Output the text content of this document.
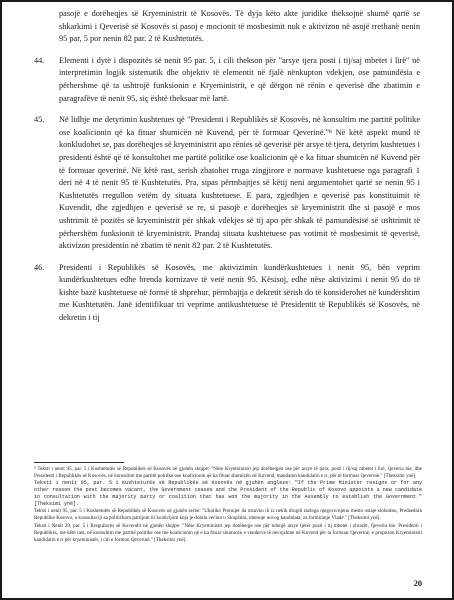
pasojë e dorëheqjes së Kryeministrit të Kosovës. Të dyja këto akte juridike theksojnë shumë qartë se shkarkimi i Qeverisë së Kosovës si pasoj e mocionit të mosbesimit nuk e aktivizon në asnjë rrethanë nenin 95 par, 5 por nenin 82 par. 2 të Kushtetutës.

44.	Elementi i dytë i dispozitës së nenit 95 par. 5, i cili thekson për "arsye tjera posti i tij/saj mbetet i lirë" në interpretimin logjik sistematik dhe objektiv të elementit në fjalë nënkupton vdekjen, ose pamundësia e përhershme që ta ushtrojë funksionin e Kryeministrit, e që dërgon në rënin e qeverisë dhe zbatimin e paragrafëve të nenit 95, siç është theksuar më lartë.

45.	Në lidhje me detyrimin kushtetues që "Presidenti i Republikës së Kosovës, në konsultim me partitë politike ose koalicionin që ka fituar shumicën në Kuvend, për të formuar Qeverinë."⁸ Në këtë aspekt mund të konkludohet se, pas dorëheqjes së kryeministrit apo rënies së qeverisë për arsye të tjera, detyrim kushtetues i presidenti është që të konsultohet me partitë politike ose koalicionin që e ka fituar shumicën në Kuvend për të formuar qeverinë. Në këtë rast, serish zbatohet rruga zingjirore e normave kushtetuese nga paragrafi 1 deri në 4 të nenit 95 të Kushtetutës. Pra, sipas përmbajtjes së këtij neni argumentohet qartë se nenin 95 i Kushtetutës rregullon vetëm dy situata kushtetuese. E para, zgjedhjen e qeverisë pas konstituimit të Kuvendit, dhe zgjedhjen e qeverisë se re, si pasojë e dorëheqjes së kryeministrit dhe si pasojë e mos ushtrimit të pozitës së kryeministrit për shkak vdekjes së tij apo për shkak të pamundësisë së ushtrimit të përhershëm funksionit të kryeministrit. Prandaj situata kushtetuese pas votimit të mosbesimit të qeverisë, aktivizon presidentin në zbatim të nenit 82 par. 2 të Kushtetutës.

46.	Presidenti i Republikës së Kosovës, me aktivizimin kundërkushtetues i nenit 95, bën veprim kundërkushtetues edhe brenda kornizave të vetë nenit 95. Kësisoj, edhe nëse aktivizimi i nenit 95 do të kishte bazë kushtetuese në formë të shprehur, përmbajtja e dekretit sërish do të konsiderohet në kundërshtim me Kushtetutën. Janë identifikuar tri veprime antikushtetuese të Presidentit të Republikës së Kosovës, në dekretin i tij

⁸ Teksti i nenit 95, par. 5 i Kushtetutës së Republikës së Kosovës në gjuhën shqipe: "Nëse Kryeministri jep dorëheqjen ose për arsye të tjera, posti i tij/saj mbetet i lirë, Qeveria bie, dhe Presidenti i Republikës së Kosovës, në konsultim me partitë politike ose koalicionin që ka fituar shumicën në Kuvend, mandaton kandidatin e ri, për të formuar Qeverinë." [Theksimi ynë].

Teksti i nenit 95, par. 5 i Kushtetutës së Republikës së Kosovës në gjuhën angleze: "If the Prime Minister resigns or for any other reason the post becomes vacant, the Government ceases and the President of the Republic of Kosovo appoints a new candidate in consultation with the majority party or coalition that has won the majority in the Assembly to establish the Government." [Theksimi ynë].

Teksti i nenit 95, par. 5 i Kushtetutës së Republikës së Kosovës në gjuhën serbe: "Ukoliko Premijer da ostavku ili iz nekih drugih razloga njegovo/njeno mesto ostaje slobodno, Predsednik Republike Kosovo, u konsultaciji sa političkom partijom ili koalicijom koja je dobila većinu u Skupštini, imenuje novog kandidata, za formiranje Vlade." [Theksimi ynë].

Teksti i Nenit 29, par. 5 i Rregullores së Kuvendit në gjuhën shqipe: "Nëse Kryeministri jep dorëheqje ose për ndonjë arsye tjetër posti i tij mbetet i zbrazët, Qeveria bie. Presidenti i Republikës, me këtë rast, në konsultim me partitë politike ose me koalicionin që e ka fituar shumicën e venderve të nevojshme në Kuvend për ta formuar Qeverinë, e propozon Kryeministri kandidatin e ri për kryeministër, i cili e formon Qeverinë." [Theksimi ynë].

20
